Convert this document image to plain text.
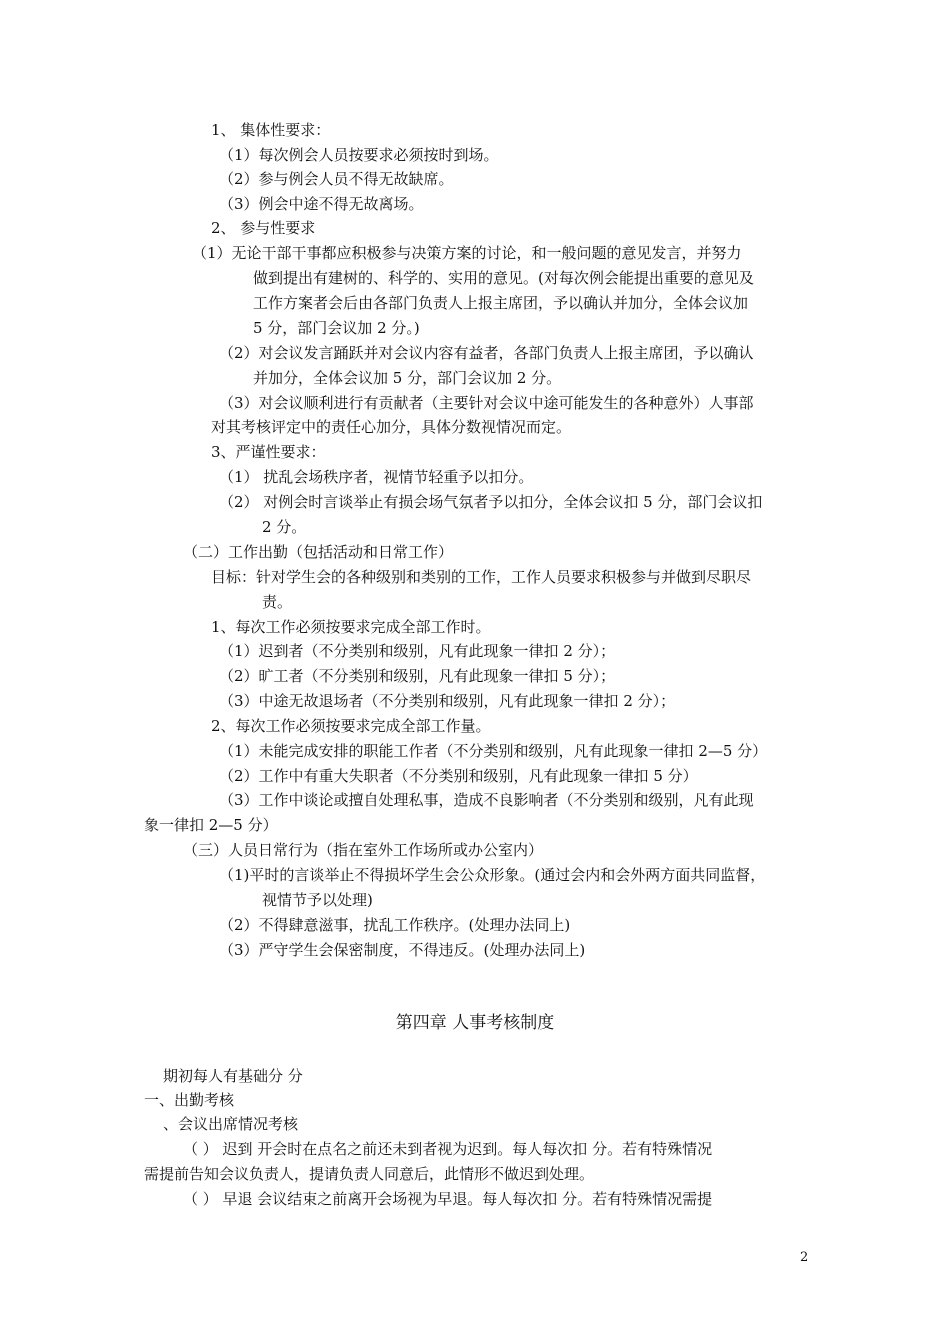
1、 集体性要求：
（1）每次例会人员按要求必须按时到场。
（2）参与例会人员不得无故缺席。
（3）例会中途不得无故离场。
2、 参与性要求
（1）无论干部干事都应积极参与决策方案的讨论，和一般问题的意见发言，并努力
做到提出有建树的、科学的、实用的意见。(对每次例会能提出重要的意见及
工作方案者会后由各部门负责人上报主席团，予以确认并加分，全体会议加
5 分，部门会议加 2 分。)
（2）对会议发言踊跃并对会议内容有益者，各部门负责人上报主席团，予以确认
并加分，全体会议加 5 分，部门会议加 2 分。
（3）对会议顺利进行有贡献者（主要针对会议中途可能发生的各种意外）人事部
对其考核评定中的责任心加分，具体分数视情况而定。
3、严谨性要求：
（1） 扰乱会场秩序者，视情节轻重予以扣分。
（2） 对例会时言谈举止有损会场气氛者予以扣分，全体会议扣 5 分，部门会议扣
2 分。
（二）工作出勤（包括活动和日常工作）
目标：针对学生会的各种级别和类别的工作，工作人员要求积极参与并做到尽职尽
责。
1、每次工作必须按要求完成全部工作时。
（1）迟到者（不分类别和级别，凡有此现象一律扣 2 分）；
（2）旷工者（不分类别和级别，凡有此现象一律扣 5 分）；
（3）中途无故退场者（不分类别和级别，凡有此现象一律扣 2 分）；
2、每次工作必须按要求完成全部工作量。
（1）未能完成安排的职能工作者（不分类别和级别，凡有此现象一律扣 2—5 分）
（2）工作中有重大失职者（不分类别和级别，凡有此现象一律扣 5 分）
（3）工作中谈论或擅自处理私事，造成不良影响者（不分类别和级别，凡有此现
象一律扣 2—5 分）
（三）人员日常行为（指在室外工作场所或办公室内）
（1)平时的言谈举止不得损坏学生会公众形象。(通过会内和会外两方面共同监督，
视情节予以处理)
（2）不得肆意滋事，扰乱工作秩序。(处理办法同上)
（3）严守学生会保密制度，不得违反。(处理办法同上)
第四章 人事考核制度
期初每人有基础分 分
一、出勤考核
、会议出席情况考核
（ ） 迟到 开会时在点名之前还未到者视为迟到。每人每次扣 分。若有特殊情况
需提前告知会议负责人，提请负责人同意后，此情形不做迟到处理。
（ ） 早退 会议结束之前离开会场视为早退。每人每次扣 分。若有特殊情况需提
2
